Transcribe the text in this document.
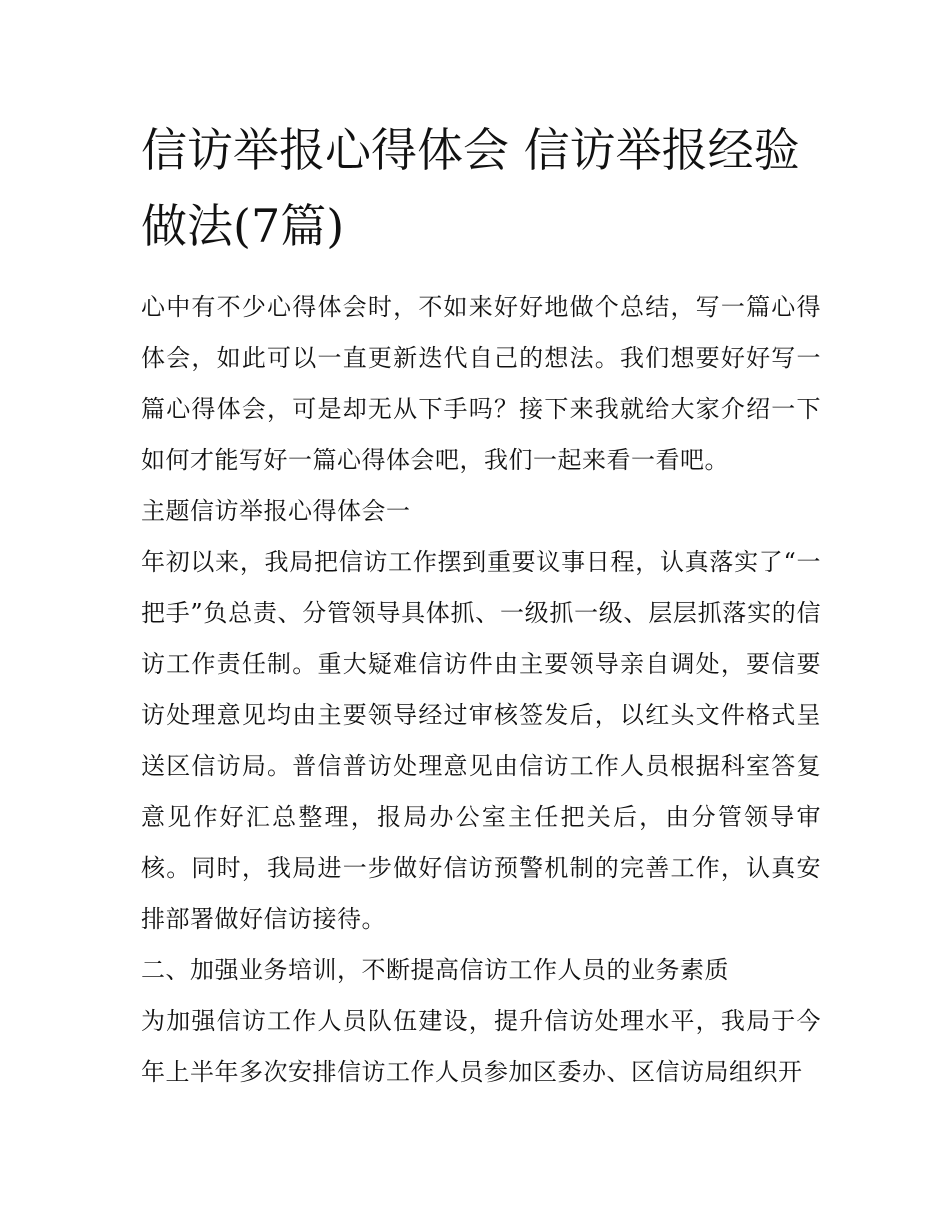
信访举报心得体会 信访举报经验做法(7篇)

心中有不少心得体会时，不如来好好地做个总结，写一篇心得体会，如此可以一直更新迭代自己的想法。我们想要好好写一篇心得体会，可是却无从下手吗？接下来我就给大家介绍一下如何才能写好一篇心得体会吧，我们一起来看一看吧。

主题信访举报心得体会一

年初以来，我局把信访工作摆到重要议事日程，认真落实了“一把手”负总责、分管领导具体抓、一级抓一级、层层抓落实的信访工作责任制。重大疑难信访件由主要领导亲自调处，要信要访处理意见均由主要领导经过审核签发后，以红头文件格式呈送区信访局。普信普访处理意见由信访工作人员根据科室答复意见作好汇总整理，报局办公室主任把关后，由分管领导审核。同时，我局进一步做好信访预警机制的完善工作，认真安排部署做好信访接待。

二、加强业务培训，不断提高信访工作人员的业务素质

为加强信访工作人员队伍建设，提升信访处理水平，我局于今年上半年多次安排信访工作人员参加区委办、区信访局组织开
